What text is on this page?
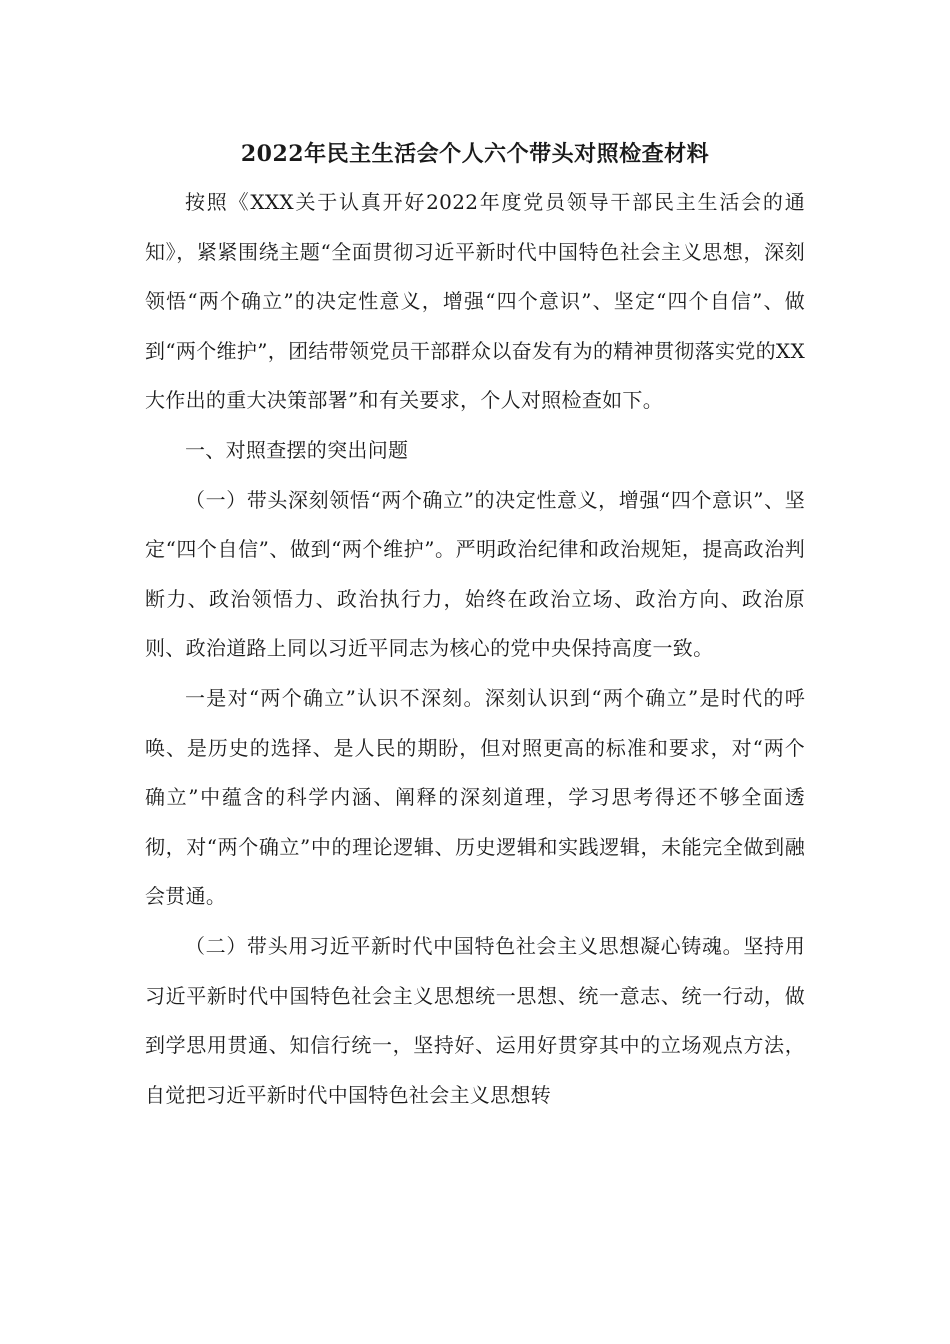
2022年民主生活会个人六个带头对照检查材料

按照《XXX关于认真开好2022年度党员领导干部民主生活会的通知》，紧紧围绕主题“全面贯彻习近平新时代中国特色社会主义思想，深刻领悟“两个确立”的决定性意义，增强“四个意识”、坚定“四个自信”、做到“两个维护”，团结带领党员干部群众以奋发有为的精神贯彻落实党的XX大作出的重大决策部署”和有关要求，个人对照检查如下。

一、对照查摆的突出问题

（一）带头深刻领悟“两个确立”的决定性意义，增强“四个意识”、坚定“四个自信”、做到“两个维护”。严明政治纪律和政治规矩，提高政治判断力、政治领悟力、政治执行力，始终在政治立场、政治方向、政治原则、政治道路上同以习近平同志为核心的党中央保持高度一致。

一是对“两个确立”认识不深刻。深刻认识到“两个确立”是时代的呼唤、是历史的选择、是人民的期盼，但对照更高的标准和要求，对“两个确立”中蕴含的科学内涵、阐释的深刻道理，学习思考得还不够全面透彻，对“两个确立”中的理论逻辑、历史逻辑和实践逻辑，未能完全做到融会贯通。

（二）带头用习近平新时代中国特色社会主义思想凝心铸魂。坚持用习近平新时代中国特色社会主义思想统一思想、统一意志、统一行动，做到学思用贯通、知信行统一，坚持好、运用好贯穿其中的立场观点方法，自觉把习近平新时代中国特色社会主义思想转
